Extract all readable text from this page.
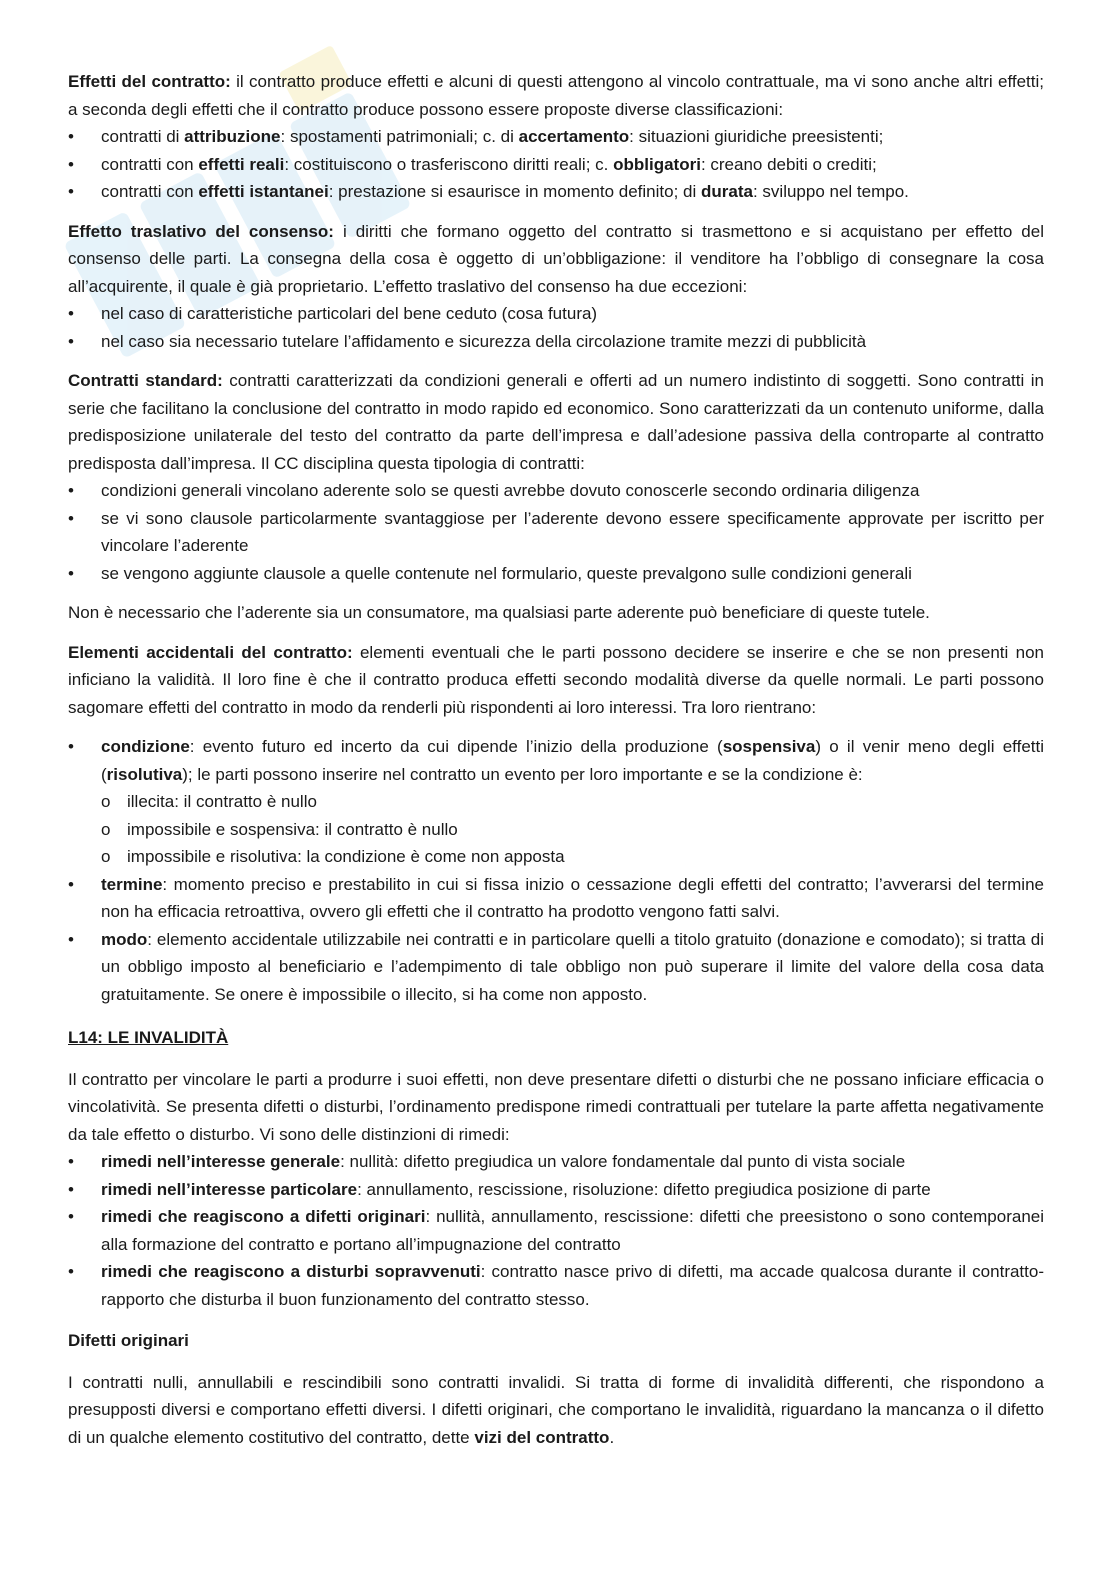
Effetti del contratto: il contratto produce effetti e alcuni di questi attengono al vincolo contrattuale, ma vi sono anche altri effetti; a seconda degli effetti che il contratto produce possono essere proposte diverse classificazioni:

• contratti di attribuzione: spostamenti patrimoniali; c. di accertamento: situazioni giuridiche preesistenti;
• contratti con effetti reali: costituiscono o trasferiscono diritti reali; c. obbligatori: creano debiti o crediti;
• contratti con effetti istantanei: prestazione si esaurisce in momento definito; di durata: sviluppo nel tempo.

Effetto traslativo del consenso: i diritti che formano oggetto del contratto si trasmettono e si acquistano per effetto del consenso delle parti. La consegna della cosa è oggetto di un’obbligazione: il venditore ha l’obbligo di consegnare la cosa all’acquirente, il quale è già proprietario. L’effetto traslativo del consenso ha due eccezioni:

• nel caso di caratteristiche particolari del bene ceduto (cosa futura)
• nel caso sia necessario tutelare l’affidamento e sicurezza della circolazione tramite mezzi di pubblicità

Contratti standard: contratti caratterizzati da condizioni generali e offerti ad un numero indistinto di soggetti. Sono contratti in serie che facilitano la conclusione del contratto in modo rapido ed economico. Sono caratterizzati da un contenuto uniforme, dalla predisposizione unilaterale del testo del contratto da parte dell’impresa e dall’adesione passiva della controparte al contratto predisposta dall’impresa. Il CC disciplina questa tipologia di contratti:

• condizioni generali vincolano aderente solo se questi avrebbe dovuto conoscerle secondo ordinaria diligenza
• se vi sono clausole particolarmente svantaggiose per l’aderente devono essere specificamente approvate per iscritto per vincolare l’aderente
• se vengono aggiunte clausole a quelle contenute nel formulario, queste prevalgono sulle condizioni generali

Non è necessario che l’aderente sia un consumatore, ma qualsiasi parte aderente può beneficiare di queste tutele.

Elementi accidentali del contratto: elementi eventuali che le parti possono decidere se inserire e che se non presenti non inficiano la validità. Il loro fine è che il contratto produca effetti secondo modalità diverse da quelle normali. Le parti possono sagomare effetti del contratto in modo da renderli più rispondenti ai loro interessi. Tra loro rientrano:

• condizione: evento futuro ed incerto da cui dipende l’inizio della produzione (sospensiva) o il venir meno degli effetti (risolutiva); le parti possono inserire nel contratto un evento per loro importante e se la condizione è:
o illecita: il contratto è nullo
o impossibile e sospensiva: il contratto è nullo
o impossibile e risolutiva: la condizione è come non apposta
• termine: momento preciso e prestabilito in cui si fissa inizio o cessazione degli effetti del contratto; l’avverarsi del termine non ha efficacia retroattiva, ovvero gli effetti che il contratto ha prodotto vengono fatti salvi.
• modo: elemento accidentale utilizzabile nei contratti e in particolare quelli a titolo gratuito (donazione e comodato); si tratta di un obbligo imposto al beneficiario e l’adempimento di tale obbligo non può superare il limite del valore della cosa data gratuitamente. Se onere è impossibile o illecito, si ha come non apposto.

L14: LE INVALIDITÀ

Il contratto per vincolare le parti a produrre i suoi effetti, non deve presentare difetti o disturbi che ne possano inficiare efficacia o vincolatività. Se presenta difetti o disturbi, l’ordinamento predispone rimedi contrattuali per tutelare la parte affetta negativamente da tale effetto o disturbo. Vi sono delle distinzioni di rimedi:

• rimedi nell’interesse generale: nullità: difetto pregiudica un valore fondamentale dal punto di vista sociale
• rimedi nell’interesse particolare: annullamento, rescissione, risoluzione: difetto pregiudica posizione di parte
• rimedi che reagiscono a difetti originari: nullità, annullamento, rescissione: difetti che preesistono o sono contemporanei alla formazione del contratto e portano all’impugnazione del contratto
• rimedi che reagiscono a disturbi sopravvenuti: contratto nasce privo di difetti, ma accade qualcosa durante il contratto-rapporto che disturba il buon funzionamento del contratto stesso.

Difetti originari

I contratti nulli, annullabili e rescindibili sono contratti invalidi. Si tratta di forme di invalidità differenti, che rispondono a presupposti diversi e comportano effetti diversi. I difetti originari, che comportano le invalidità, riguardano la mancanza o il difetto di un qualche elemento costitutivo del contratto, dette vizi del contratto.
